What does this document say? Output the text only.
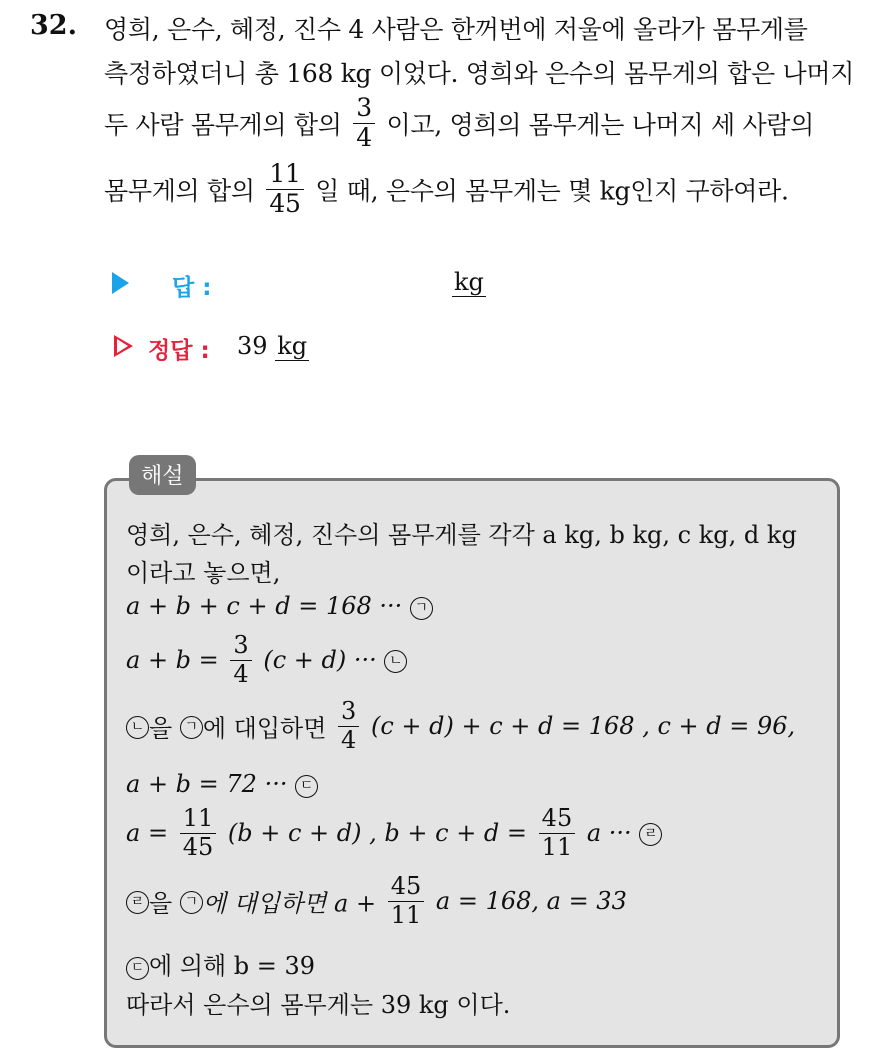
32. 영희, 은수, 혜정, 진수 4 사람은 한꺼번에 저울에 올라가 몸무게를
측정하였더니 총 168 kg 이었다. 영희와 은수의 몸무게의 합은 나머지
두 사람 몸무게의 합의 $\frac{3}{4}$ 이고, 영희의 몸무게는 나머지 세 사람의
몸무게의 합의 $\frac{11}{45}$ 일 때, 은수의 몸무게는 몇 kg인지 구하여라.
답 :	kg
정답 : 39 kg
해설
영희, 은수, 혜정, 진수의 몸무게를 각각 a kg, b kg, c kg, d kg
이라고 놓으면,
a + b + c + d = 168 ··· ㄱ
$a + b = \frac{3}{4} (c + d)$ ··· ㄴ
ㄴ 을 ㄱ 에 대입하면 $\frac{3}{4} (c + d) + c + d = 168$ , c + d = 96,
a + b = 72 ··· ㄷ
$a = \frac{11}{45} (b + c + d)$ , $b + c + d = \frac{45}{11}$ a ··· ㄹ
ㄹ 을 ㄱ 에 대입하면 $a + \frac{45}{11}$ a = 168, a = 33
ㄷ 에 의해 b = 39
따라서 은수의 몸무게는 39 kg 이다.
